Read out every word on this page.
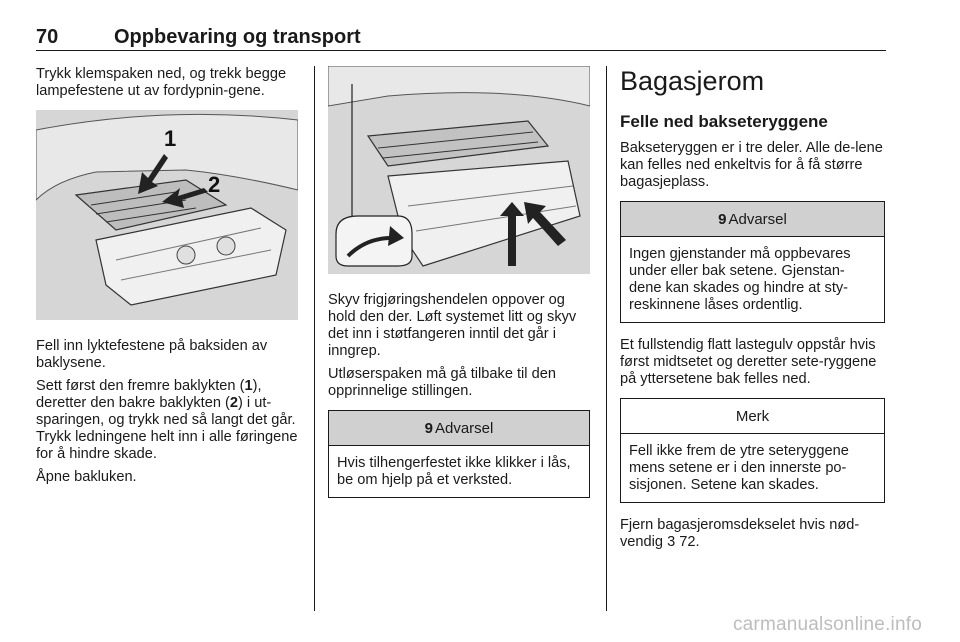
70	Oppbevaring og transport

Trykk klemspaken ned, og trekk begge lampefestene ut av fordypnin-gene.

1
2

Fell inn lyktefestene på baksiden av baklysene.

Sett først den fremre baklykten (1), deretter den bakre baklykten (2) i ut-sparingen, og trykk ned så langt det går. Trykk ledningene helt inn i alle føringene for å hindre skade.

Åpne bakluken.

Skyv frigjøringshendelen oppover og hold den der. Løft systemet litt og skyv det inn i støtfangeren inntil det går i inngrep.

Utløserspaken må gå tilbake til den opprinnelige stillingen.

9 Advarsel
Hvis tilhengerfestet ikke klikker i lås, be om hjelp på et verksted.
Bagasjerom
Felle ned bakseteryggene

Bakseteryggen er i tre deler. Alle de-lene kan felles ned enkeltvis for å få større bagasjeplass.

9 Advarsel
Ingen gjenstander må oppbevares under eller bak setene. Gjenstan-dene kan skades og hindre at sty-reskinnene låses ordentlig.

Et fullstendig flatt lastegulv oppstår hvis først midtsetet og deretter sete-ryggene på yttersetene bak felles ned.

Merk
Fell ikke frem de ytre seteryggene mens setene er i den innerste po-sisjonen. Setene kan skades.

Fjern bagasjeromsdekselet hvis nød-vendig 3 72.

carmanualsonline.info
